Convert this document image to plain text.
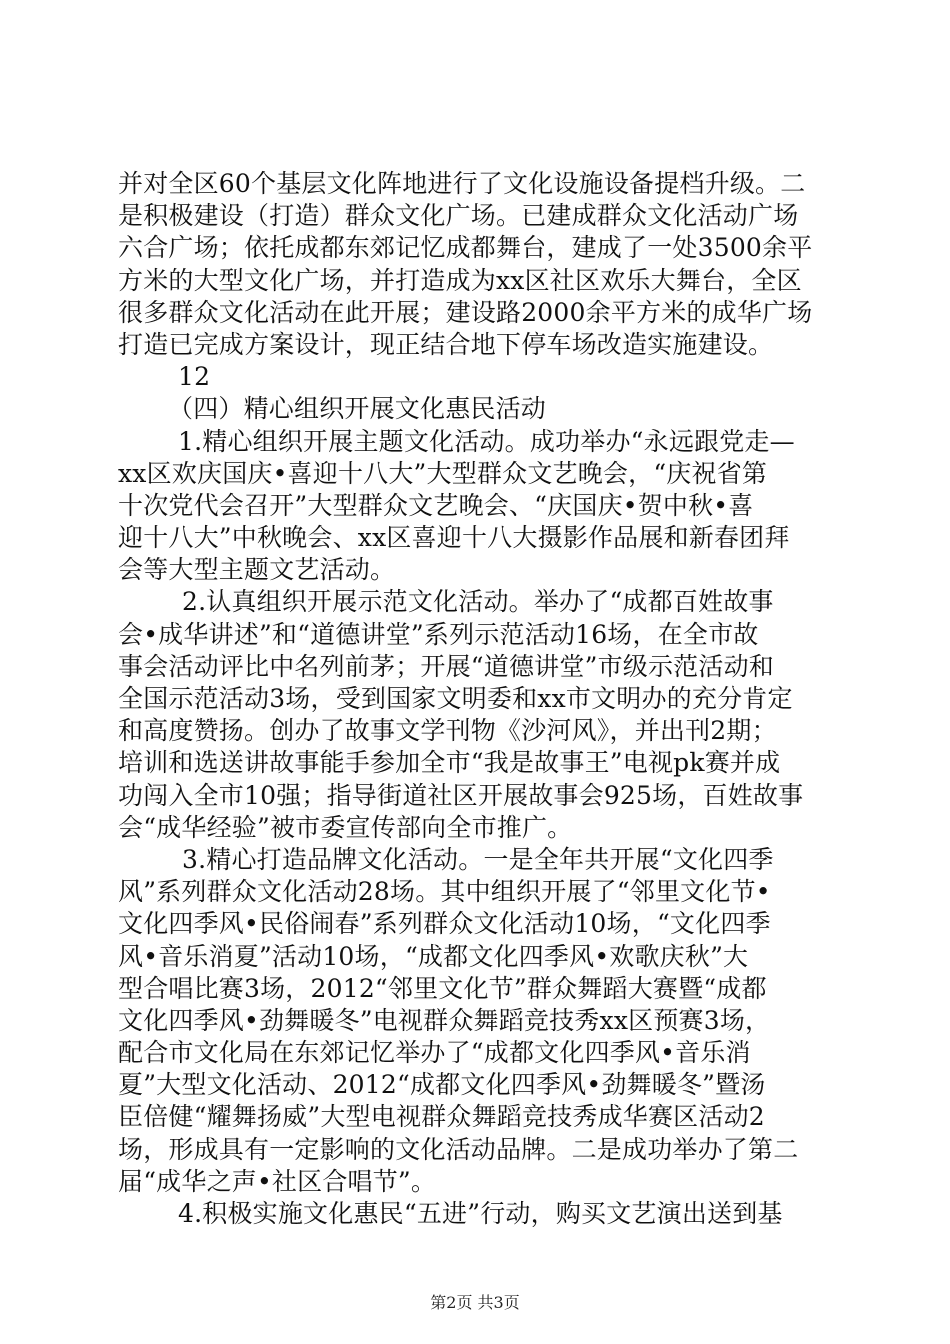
并对全区60个基层文化阵地进行了文化设施设备提档升级。二
是积极建设（打造）群众文化广场。已建成群众文化活动广场
六合广场；依托成都东郊记忆成都舞台，建成了一处3500余平
方米的大型文化广场，并打造成为xx区社区欢乐大舞台，全区
很多群众文化活动在此开展；建设路2000余平方米的成华广场
打造已完成方案设计，现正结合地下停车场改造实施建设。
12
（四）精心组织开展文化惠民活动
1.精心组织开展主题文化活动。成功举办“永远跟党走—
xx区欢庆国庆•喜迎十八大”大型群众文艺晚会，“庆祝省第
十次党代会召开”大型群众文艺晚会、“庆国庆•贺中秋•喜
迎十八大”中秋晚会、xx区喜迎十八大摄影作品展和新春团拜
会等大型主题文艺活动。
2.认真组织开展示范文化活动。举办了“成都百姓故事
会•成华讲述”和“道德讲堂”系列示范活动16场，在全市故
事会活动评比中名列前茅；开展“道德讲堂”市级示范活动和
全国示范活动3场，受到国家文明委和xx市文明办的充分肯定
和高度赞扬。创办了故事文学刊物《沙河风》，并出刊2期；
培训和选送讲故事能手参加全市“我是故事王”电视pk赛并成
功闯入全市10强；指导街道社区开展故事会925场，百姓故事
会“成华经验”被市委宣传部向全市推广。
3.精心打造品牌文化活动。一是全年共开展“文化四季
风”系列群众文化活动28场。其中组织开展了“邻里文化节•
文化四季风•民俗闹春”系列群众文化活动10场，“文化四季
风•音乐消夏”活动10场，“成都文化四季风•欢歌庆秋”大
型合唱比赛3场，2012“邻里文化节”群众舞蹈大赛暨“成都
文化四季风•劲舞暖冬”电视群众舞蹈竞技秀xx区预赛3场，
配合市文化局在东郊记忆举办了“成都文化四季风•音乐消
夏”大型文化活动、2012“成都文化四季风•劲舞暖冬”暨汤
臣倍健“耀舞扬威”大型电视群众舞蹈竞技秀成华赛区活动2
场，形成具有一定影响的文化活动品牌。二是成功举办了第二
届“成华之声•社区合唱节”。
4.积极实施文化惠民“五进”行动，购买文艺演出送到基
第2页 共3页
